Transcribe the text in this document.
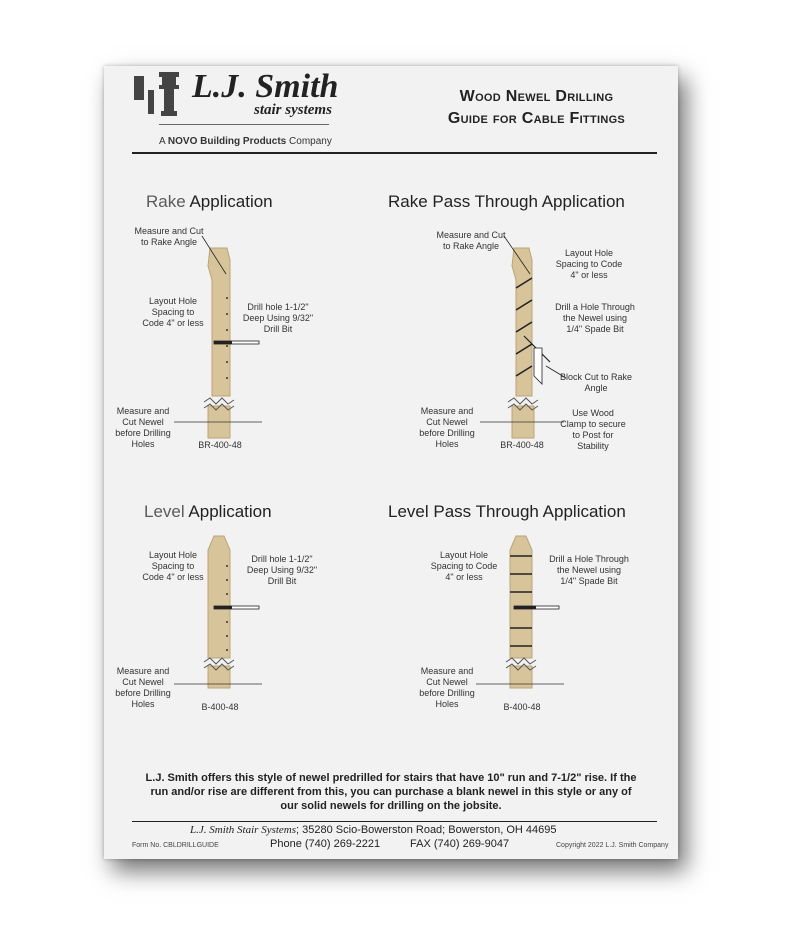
L.J. Smith
stair systems
A NOVO Building Products Company
Wood Newel Drilling
Guide for Cable Fittings
Rake Application	Rake Pass Through Application
Level Application	Level Pass Through Application
Measure and Cut to Rake Angle
Layout Hole Spacing to Code 4" or less
Drill hole 1-1/2" Deep Using 9/32" Drill Bit
Measure and Cut Newel before Drilling Holes	BR-400-48
Measure and Cut to Rake Angle
Layout Hole Spacing to Code 4" or less
Drill a Hole Through the Newel using 1/4" Spade Bit
Block Cut to Rake Angle
Use Wood Clamp to secure to Post for Stability
Measure and Cut Newel before Drilling Holes	BR-400-48
Layout Hole Spacing to Code 4" or less
Drill hole 1-1/2" Deep Using 9/32" Drill Bit
Measure and Cut Newel before Drilling Holes	B-400-48
Layout Hole Spacing to Code 4" or less
Drill a Hole Through the Newel using 1/4" Spade Bit
Measure and Cut Newel before Drilling Holes	B-400-48
L.J. Smith offers this style of newel predrilled for stairs that have 10" run and 7-1/2" rise. If the run and/or rise are different from this, you can purchase a blank newel in this style or any of our solid newels for drilling on the jobsite.
L.J. Smith Stair Systems; 35280 Scio-Bowerston Road; Bowerston, OH 44695
Form No. CBLDRILLGUIDE	Phone (740) 269-2221	FAX (740) 269-9047	Copyright 2022 L.J. Smith Company
